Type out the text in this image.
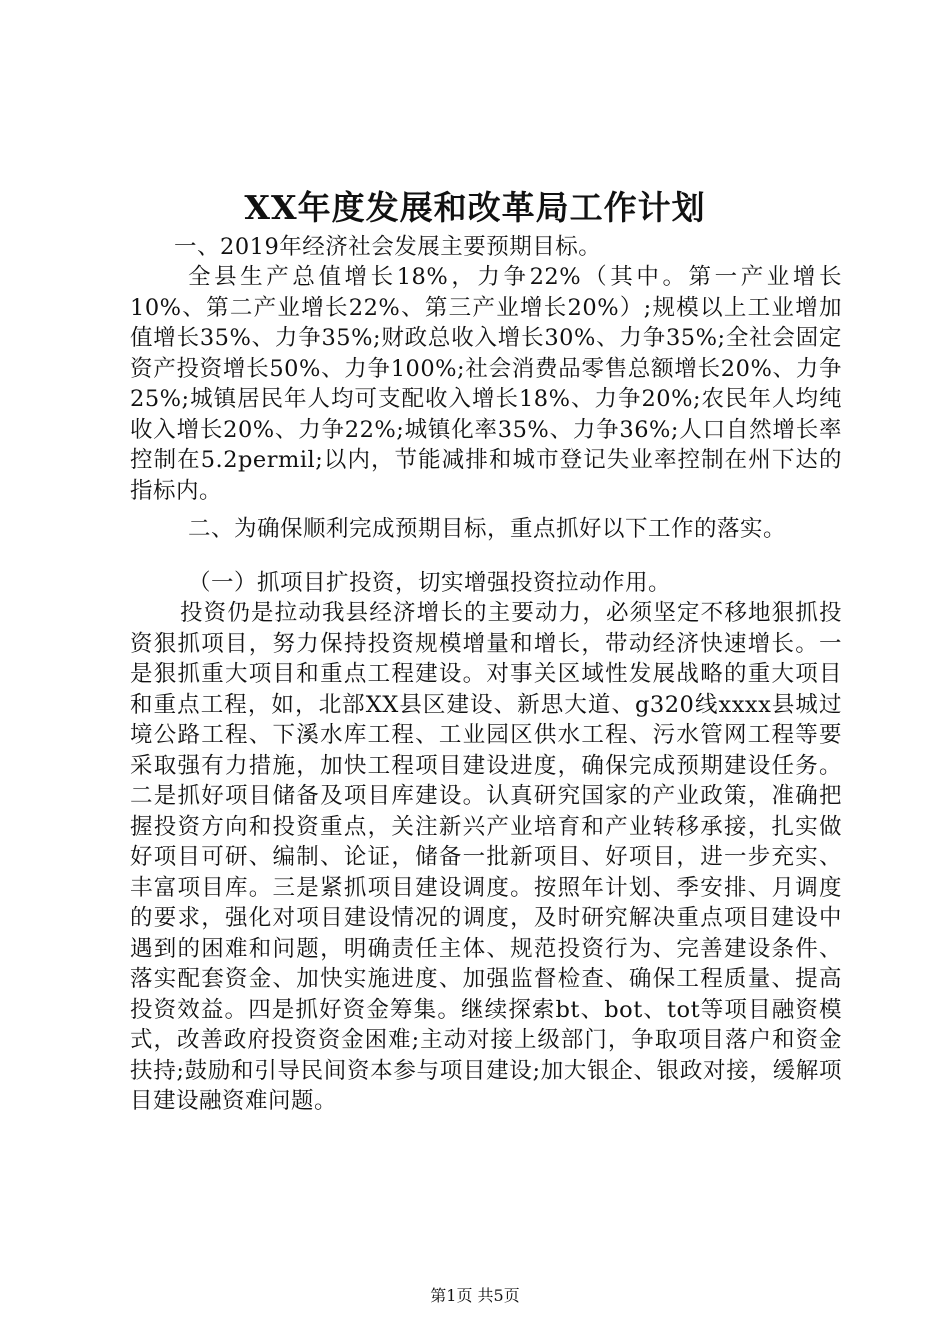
XX年度发展和改革局工作计划

一、2019年经济社会发展主要预期目标。

全县生产总值增长18%，力争22%（其中。第一产业增长10%、第二产业增长22%、第三产业增长20%）;规模以上工业增加值增长35%、力争35%;财政总收入增长30%、力争35%;全社会固定资产投资增长50%、力争100%;社会消费品零售总额增长20%、力争25%;城镇居民年人均可支配收入增长18%、力争20%;农民年人均纯收入增长20%、力争22%;城镇化率35%、力争36%;人口自然增长率控制在5.2permil;以内，节能减排和城市登记失业率控制在州下达的指标内。

二、为确保顺利完成预期目标，重点抓好以下工作的落实。

（一）抓项目扩投资，切实增强投资拉动作用。

投资仍是拉动我县经济增长的主要动力，必须坚定不移地狠抓投资狠抓项目，努力保持投资规模增量和增长，带动经济快速增长。一是狠抓重大项目和重点工程建设。对事关区域性发展战略的重大项目和重点工程，如，北部XX县区建设、新思大道、g320线xxxx县城过境公路工程、下溪水库工程、工业园区供水工程、污水管网工程等要采取强有力措施，加快工程项目建设进度，确保完成预期建设任务。二是抓好项目储备及项目库建设。认真研究国家的产业政策，准确把握投资方向和投资重点，关注新兴产业培育和产业转移承接，扎实做好项目可研、编制、论证，储备一批新项目、好项目，进一步充实、丰富项目库。三是紧抓项目建设调度。按照年计划、季安排、月调度的要求，强化对项目建设情况的调度，及时研究解决重点项目建设中遇到的困难和问题，明确责任主体、规范投资行为、完善建设条件、落实配套资金、加快实施进度、加强监督检查、确保工程质量、提高投资效益。四是抓好资金筹集。继续探索bt、bot、tot等项目融资模式，改善政府投资资金困难;主动对接上级部门，争取项目落户和资金扶持;鼓励和引导民间资本参与项目建设;加大银企、银政对接，缓解项目建设融资难问题。

第1页 共5页
